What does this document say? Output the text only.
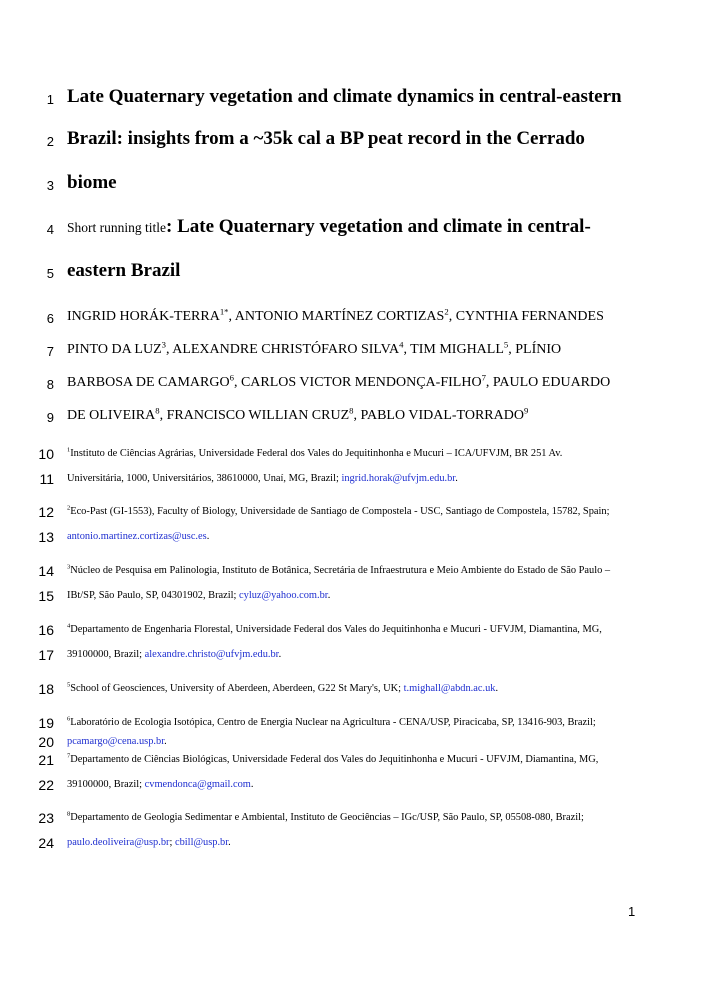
1 Late Quaternary vegetation and climate dynamics in central-eastern
2 Brazil: insights from a ~35k cal a BP peat record in the Cerrado
3 biome
4 Short running title: Late Quaternary vegetation and climate in central-
5 eastern Brazil
6 INGRID HORÁK-$TERRA^{1*}$, ANTONIO MARTÍNEZ CORTIZAS$^2$, CYNTHIA FERNANDES
7 PINTO DA LUZ$^3$, ALEXANDRE CHRISTÓFARO SILVA$^4$, TIM MIGHALL$^5$, PLÍNIO
8 BARBOSA DE CAMARGO$^6$, CARLOS VICTOR MENDONÇA-FILHO$^7$, PAULO EDUARDO
9 DE OLIVEIRA$^8$, FRANCISCO WILLIAN CRUZ$^8$, PABLO VIDAL-TORRADO$^9$
10 $^1$Instituto de Ciências Agrárias, Universidade Federal dos Vales do Jequitinhonha e Mucuri – ICA/UFVJM, BR 251 Av.
11 Universitária, 1000, Universitários, 38610000, Unaí, MG, Brazil; ingrid.horak@ufvjm.edu.br.
12 $^2$Eco-Past (GI-1553), Faculty of Biology, Universidade de Santiago de Compostela - USC, Santiago de Compostela, 15782, Spain;
13 antonio.martinez.cortizas@usc.es.
14 $^3$Núcleo de Pesquisa em Palinologia, Instituto de Botânica, Secretária de Infraestrutura e Meio Ambiente do Estado de São Paulo –
15 IBt/SP, São Paulo, SP, 04301902, Brazil; cyluz@yahoo.com.br.
16 $^4$Departamento de Engenharia Florestal, Universidade Federal dos Vales do Jequitinhonha e Mucuri - UFVJM, Diamantina, MG,
17 39100000, Brazil; alexandre.christo@ufvjm.edu.br.
18 $^5$School of Geosciences, University of Aberdeen, Aberdeen, G22 St Mary's, UK; t.mighall@abdn.ac.uk.
19 $^6$Laboratório de Ecologia Isotópica, Centro de Energia Nuclear na Agricultura - CENA/USP, Piracicaba, SP, 13416-903, Brazil;
20 pcamargo@cena.usp.br.
21 $^7$Departamento de Ciências Biológicas, Universidade Federal dos Vales do Jequitinhonha e Mucuri - UFVJM, Diamantina, MG,
22 39100000, Brazil; cvmendonca@gmail.com.
23 $^8$Departamento de Geologia Sedimentar e Ambiental, Instituto de Geociências – IGc/USP, São Paulo, SP, 05508-080, Brazil;
24 paulo.deoliveira@usp.br; cbill@usp.br.
1
